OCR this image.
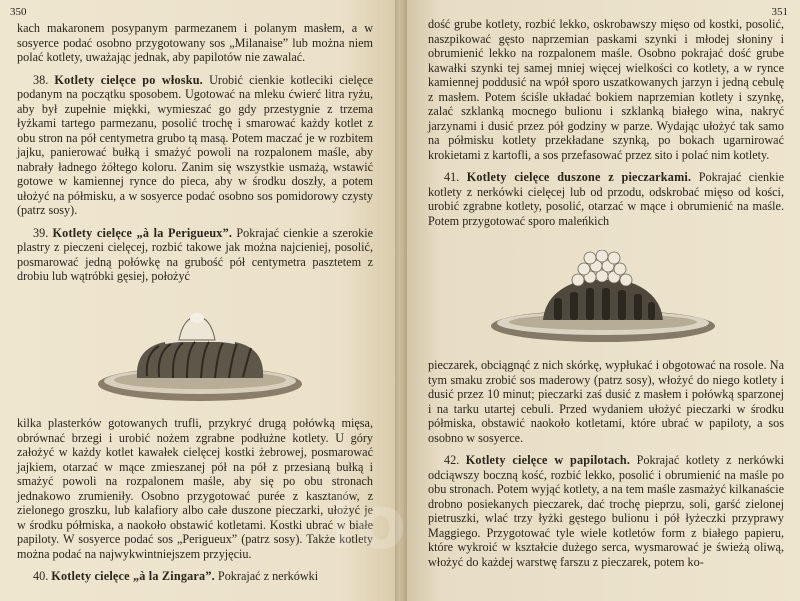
350

kach makaronem posypanym parmezanem i polanym masłem, a w sosyerce podać osobno przygotowany sos „Milanaise” lub można niem polać kotlety, uważając jednak, aby papilotów nie zawalać.

38. Kotlety cielęce po włosku. Urobić cienkie kotleciki cielęce podanym na początku sposobem. Ugotować na mleku ćwierć litra ryżu, aby był zupełnie miękki, wymieszać go gdy przestygnie z trzema łyżkami tartego parmezanu, posolić trochę i smarować każdy kotlet z obu stron na pół centymetra grubo tą masą. Potem maczać je w rozbitem jajku, panierować bułką i smażyć powoli na rozpalonem maśle, aby nabrały ładnego żółtego koloru. Zanim się wszystkie usmażą, wstawić gotowe w kamiennej rynce do pieca, aby w środku doszły, a potem ułożyć na półmisku, a w sosyerce podać osobno sos pomidorowy czysty (patrz sosy).

39. Kotlety cielęce „à la Perigueux”. Pokrajać cienkie a szerokie plastry z pieczeni cielęcej, rozbić takowe jak można najcieniej, posolić, posmarować jedną połówkę na grubość pół centymetra pasztetem z drobiu lub wątróbki gęsiej, położyć

kilka plasterków gotowanych trufli, przykryć drugą połówką mięsa, obrównać brzegi i urobić nożem zgrabne podłużne kotlety. U góry założyć w każdy kotlet kawałek cielęcej kostki żebrowej, posmarować jajkiem, otarzać w mące zmieszanej pół na pół z przesianą bułką i smażyć powoli na rozpalonem maśle, aby się po obu stronach jednakowo zrumieniły. Osobno przygotować purée z kasztanów, z zielonego groszku, lub kalafiory albo całe duszone pieczarki, ułożyć je w środku półmiska, a naokoło obstawić kotletami. Kostki ubrać w białe papiloty. W sosyerce podać sos „Perigueux” (patrz sosy). Także kotlety można podać na najwykwintniejszem przyjęciu.

40. Kotlety cielęce „à la Zingara”. Pokrajać z nerkówki

351

dość grube kotlety, rozbić lekko, oskrobawszy mięso od kostki, posolić, naszpikować gęsto naprzemian paskami szynki i młodej słoniny i obrumienić lekko na rozpalonem maśle. Osobno pokrajać dość grube kawałki szynki tej samej mniej więcej wielkości co kotlety, a w rynce kamiennej poddusić na wpół sporo uszatkowanych jarzyn i jedną cebulę z masłem. Potem ściśle układać bokiem naprzemian kotlety i szynkę, zalać szklanką mocnego bulionu i szklanką białego wina, nakryć jarzynami i dusić przez pół godziny w parze. Wydając ułożyć tak samo na półmisku kotlety przekładane szynką, po bokach ugarnirować krokietami z kartofli, a sos przefasować przez sito i polać nim kotlety.

41. Kotlety cielęce duszone z pieczarkami. Pokrajać cienkie kotlety z nerkówki cielęcej lub od przodu, odskrobać mięso od kości, urobić zgrabne kotlety, posolić, otarzać w mące i obrumienić na maśle. Potem przygotować sporo maleńkich

pieczarek, obciągnąć z nich skórkę, wypłukać i obgotować na rosole. Na tym smaku zrobić sos maderowy (patrz sosy), włożyć do niego kotlety i dusić przez 10 minut; pieczarki zaś dusić z masłem i połówką sparzonej i na tarku utartej cebuli. Przed wydaniem ułożyć pieczarki w środku półmiska, obstawić naokoło kotletami, które ubrać w papiloty, a sos osobno w sosyerce.

42. Kotlety cielęce w papilotach. Pokrajać kotlety z nerkówki odciąwszy boczną kość, rozbić lekko, posolić i obrumienić na maśle po obu stronach. Potem wyjąć kotlety, a na tem maśle zasmażyć kilkanaście drobno posiekanych pieczarek, dać trochę pieprzu, soli, garść zielonej pietruszki, wlać trzy łyżki gęstego bulionu i pół łyżeczki przyprawy Maggiego. Przygotować tyle wiele kotletów form z białego papieru, które wykroić w kształcie dużego serca, wysmarować je świeżą oliwą, włożyć do każdej warstwę farszu z pieczarek, potem ko-
